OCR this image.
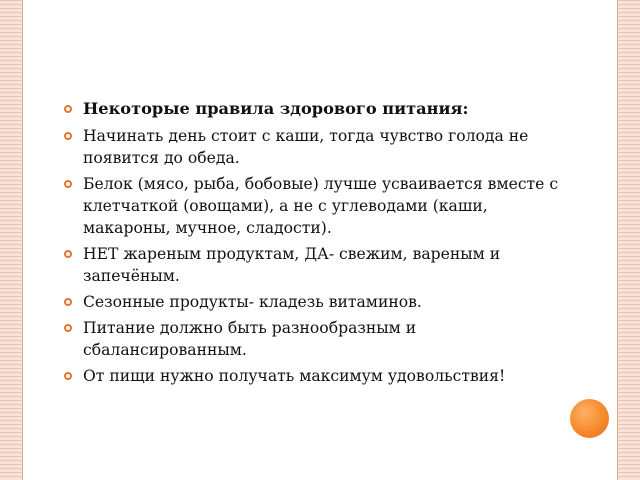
Некоторые правила здорового питания:
Начинать день стоит с каши, тогда чувство голода не появится до обеда.
Белок (мясо, рыба, бобовые) лучше усваивается вместе с клетчаткой (овощами), а не с углеводами (каши, макароны, мучное, сладости).
НЕТ жареным продуктам, ДА- свежим, вареным и запечёным.
Сезонные продукты- кладезь витаминов.
Питание должно быть разнообразным и сбалансированным.
От пищи нужно получать максимум удовольствия!
